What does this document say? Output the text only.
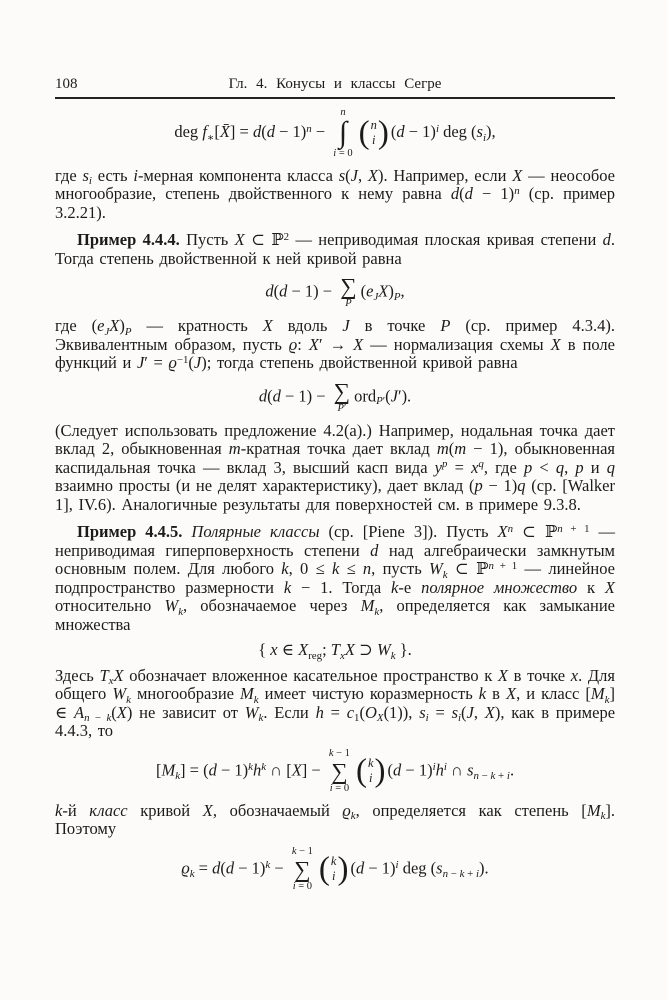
108	Гл. 4. Конусы и классы Сегре
deg $f_∗[X̄] = d(d - 1)^n$ −
n
∫
i = 0
( n
i ) $(d - 1)^i$ deg $(s_i)$,
где $s_i$ есть i-мерная компонента класса s(J, X). Например, если X — неособое многообразие, степень двойственного к нему равна $d(d - 1)^n$ (ср. пример 3.2.21).
Пример 4.4.4. Пусть X ⊂ ℙ$^2$ — неприводимая плоская кривая степени d. Тогда степень двойственной к ней кривой равна
d(d − 1) − ∑
P
$(e_JX)_P$,
где $(e_JX)_P$ — кратность X вдоль J в точке P (ср. пример 4.3.4). Эквивалентным образом, пусть ϱ: X′ → X — нормализация схемы X в поле функций и $J' = ϱ^{-1}(J)$; тогда степень двойственной кривой равна
d(d − 1) − ∑
P′
ord$_{P'}$(J′).
(Следует использовать предложение 4.2(а).) Например, нодальная точка дает вклад 2, обыкновенная m-кратная точка дает вклад m(m − 1), обыкновенная каспидальная точка — вклад 3, высший касп вида $y^p = x^q$, где p < q, p и q взаимно просты (и не делят характеристику), дает вклад (p − 1)q (ср. [Walker 1], IV.6). Аналогичные результаты для поверхностей см. в примере 9.3.8.
Пример 4.4.5. Полярные классы (ср. [Piene 3]). Пусть $X^n$ ⊂ ℙ$^{n + 1}$ — неприводимая гиперповерхность степени d над алгебраически замкнутым основным полем. Для любого k, 0 ≤ k ≤ n, пусть $W_k$ ⊂ ℙ$^{n + 1}$ — линейное подпространство размерности k − 1. Тогда k-е полярное множество к X относительно $W_k$, обозначаемое через $M_k$, определяется как замыкание множества
{ x ∈ $X_{reg}$; $T_xX$ ⊃ $W_k$ }.
Здесь $T_xX$ обозначает вложенное касательное пространство к X в точке x. Для общего $W_k$ многообразие $M_k$ имеет чистую коразмерность k в X, и класс $[M_k]$ ∈ $A_{n - k}(X)$ не зависит от $W_k$. Если $h = c_1(O_X(1))$, $s_i = s_i(J$, X), как в примере 4.4.3, то
$[M_k] = (d - 1)^kh^k$ ∩ [X] −
k − 1
∑
i = 0 ( k
i ) $(d - 1)^ih^i$ ∩ $s_{n - k + i}$.
k-й класс кривой X, обозначаемый $ϱ_k$, определяется как степень $[M_k]$. Поэтому
$ϱ_k = d(d - 1)^k$ −
k − 1
∑
i = 0 ( k
i ) $(d - 1)^i$ deg $(s_{n - k + i})$.
